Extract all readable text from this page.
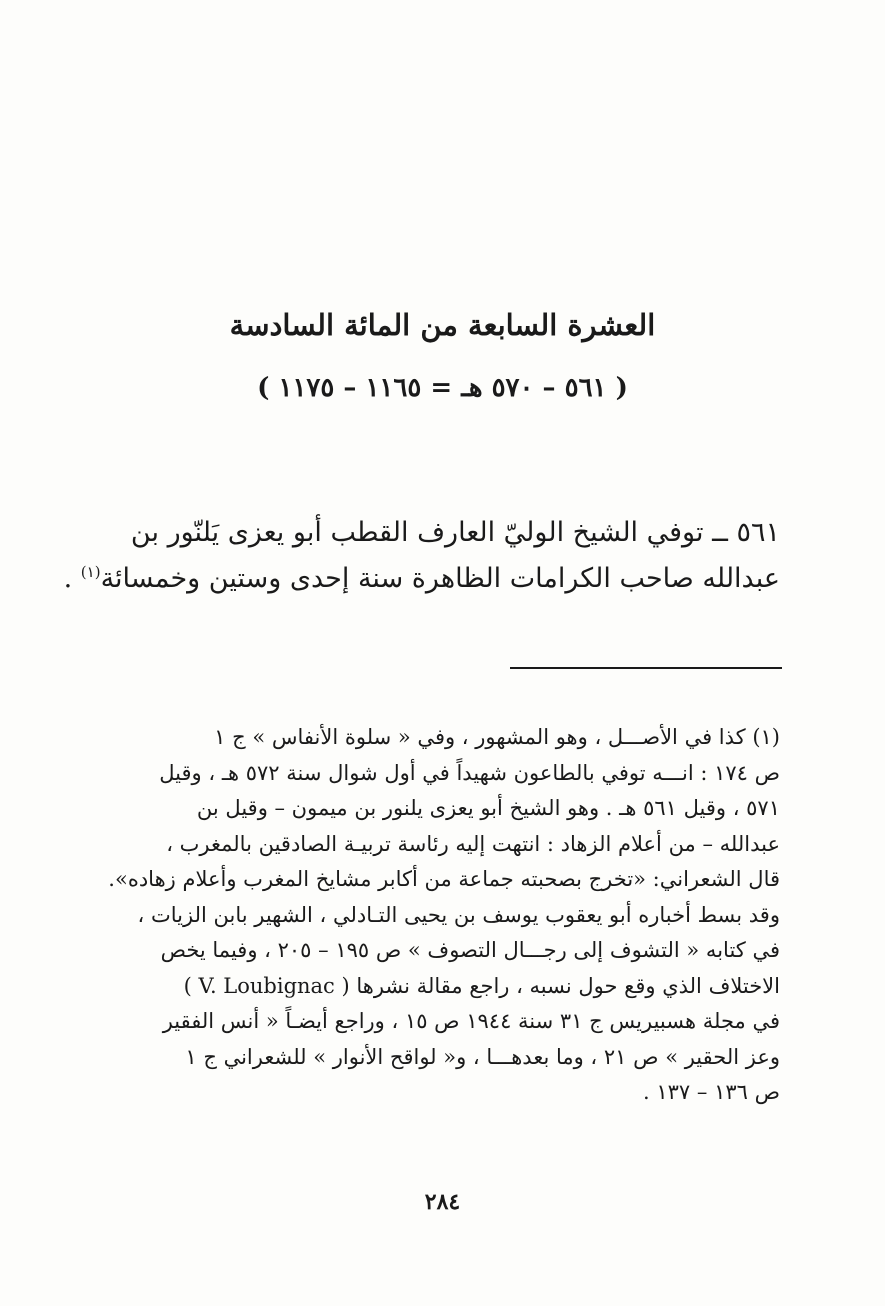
العشرة السابعة من المائة السادسة
( ٥٦١ – ٥٧٠ هـ = ١١٦٥ – ١١٧٥ )
٥٦١ ــ توفي الشيخ الوليّ العارف القطب أبو يعزى يَلنّور بن
عبدالله صاحب الكرامات الظاهرة سنة إحدى وستين وخمسائة$^{(١)}$ .
(١) كذا في الأصـــل ، وهو المشهور ، وفي « سلوة الأنفاس » ج ١
ص ١٧٤ : انـــه توفي بالطاعون شهيداً في أول شوال سنة ٥٧٢ هـ ، وقيل
٥٧١ ، وقيل ٥٦١ هـ . وهو الشيخ أبو يعزى يلنور بن ميمون – وقيل بن
عبدالله – من أعلام الزهاد : انتهت إليه رئاسة تربيـة الصادقين بالمغرب ،
قال الشعراني: «تخرج بصحبته جماعة من أكابر مشايخ المغرب وأعلام زهاده».
وقد بسط أخباره أبو يعقوب يوسف بن يحيى التـادلي ، الشهير بابن الزيات ،
في كتابه « التشوف إلى رجـــال التصوف » ص ١٩٥ – ٢٠٥ ، وفيما يخص
الاختلاف الذي وقع حول نسبه ، راجع مقالة نشرها ( V. Loubignac )
في مجلة هسبيريس ج ٣١ سنة ١٩٤٤ ص ١٥ ، وراجع أيضـاً « أنس الفقير
وعز الحقير » ص ٢١ ، وما بعدهـــا ، و« لواقح الأنوار » للشعراني ج ١
ص ١٣٦ – ١٣٧ .
٢٨٤
